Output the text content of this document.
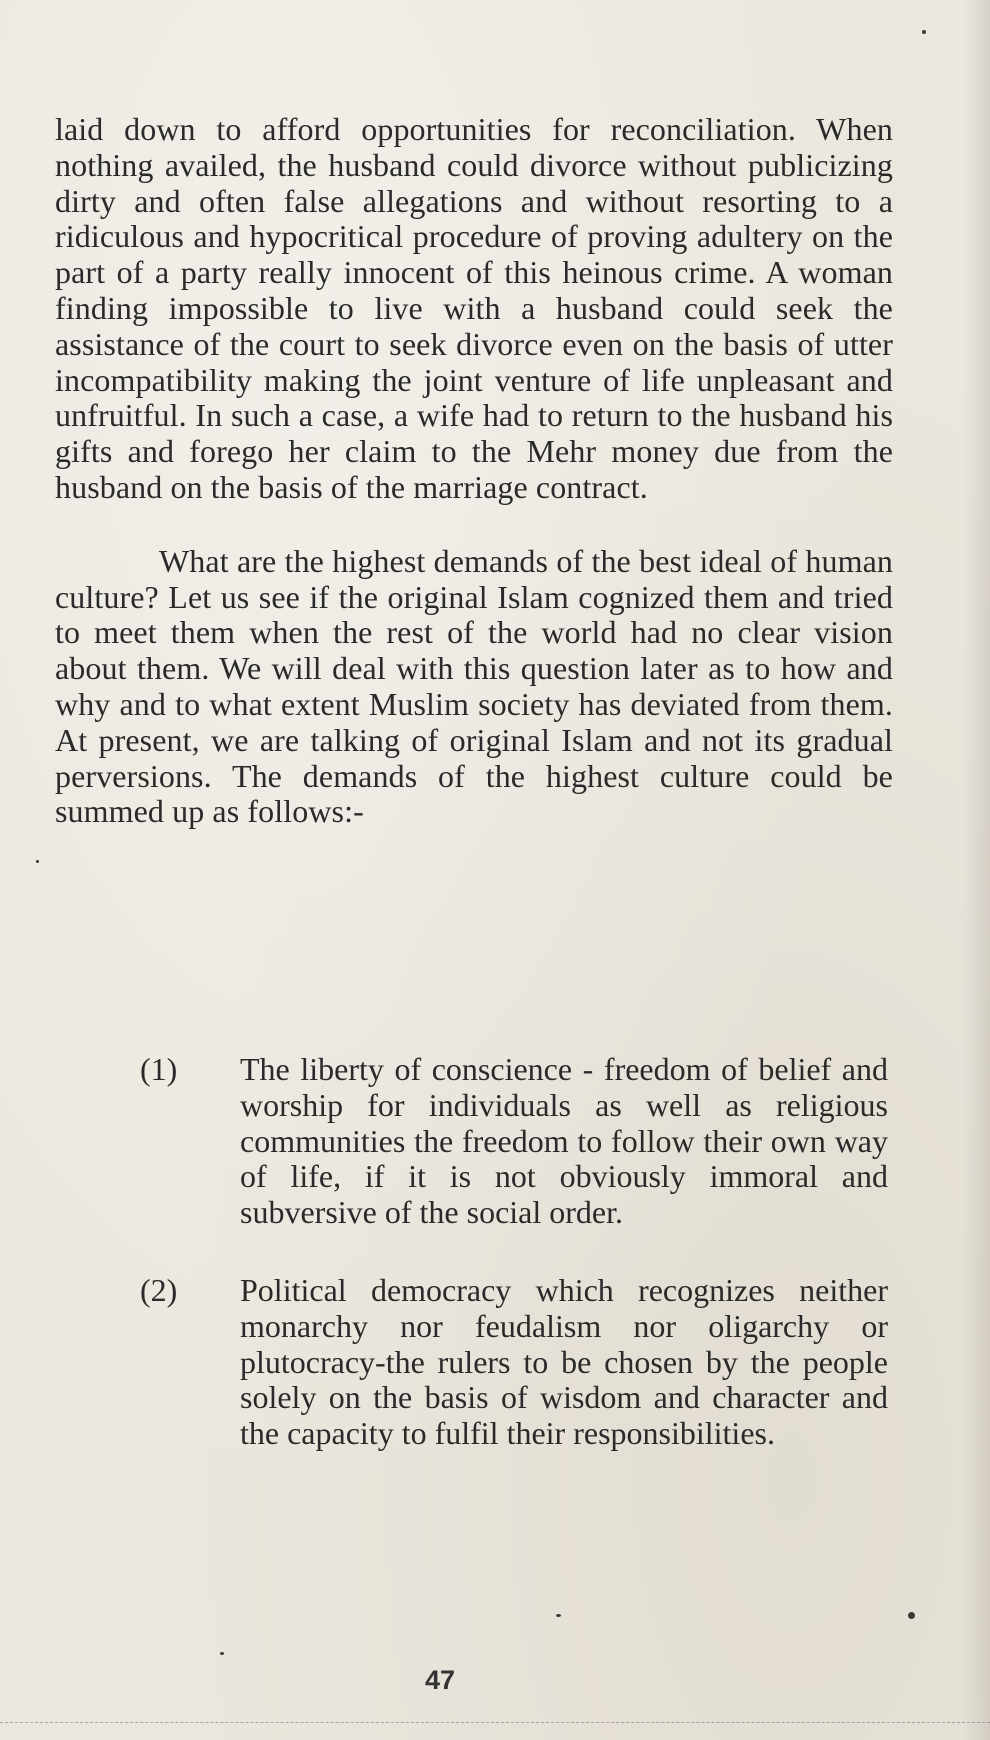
laid down to afford opportunities for reconciliation. When nothing availed, the husband could divorce without publicizing dirty and often false allegations and without resorting to a ridiculous and hypocritical procedure of proving adultery on the part of a party really innocent of this heinous crime. A woman finding impossible to live with a husband could seek the assistance of the court to seek divorce even on the basis of utter incompatibility making the joint venture of life unpleasant and unfruitful. In such a case, a wife had to return to the husband his gifts and forego her claim to the Mehr money due from the husband on the basis of the marriage contract.

What are the highest demands of the best ideal of human culture? Let us see if the original Islam cognized them and tried to meet them when the rest of the world had no clear vision about them. We will deal with this question later as to how and why and to what extent Muslim society has deviated from them. At present, we are talking of original Islam and not its gradual perversions. The demands of the highest culture could be summed up as follows:-

(1)	The liberty of conscience - freedom of belief and worship for individuals as well as religious communities the freedom to follow their own way of life, if it is not obviously immoral and subversive of the social order.
(2)	Political democracy which recognizes neither monarchy nor feudalism nor oligarchy or plutocracy-the rulers to be chosen by the people solely on the basis of wisdom and character and the capacity to fulfil their responsibilities.
47
